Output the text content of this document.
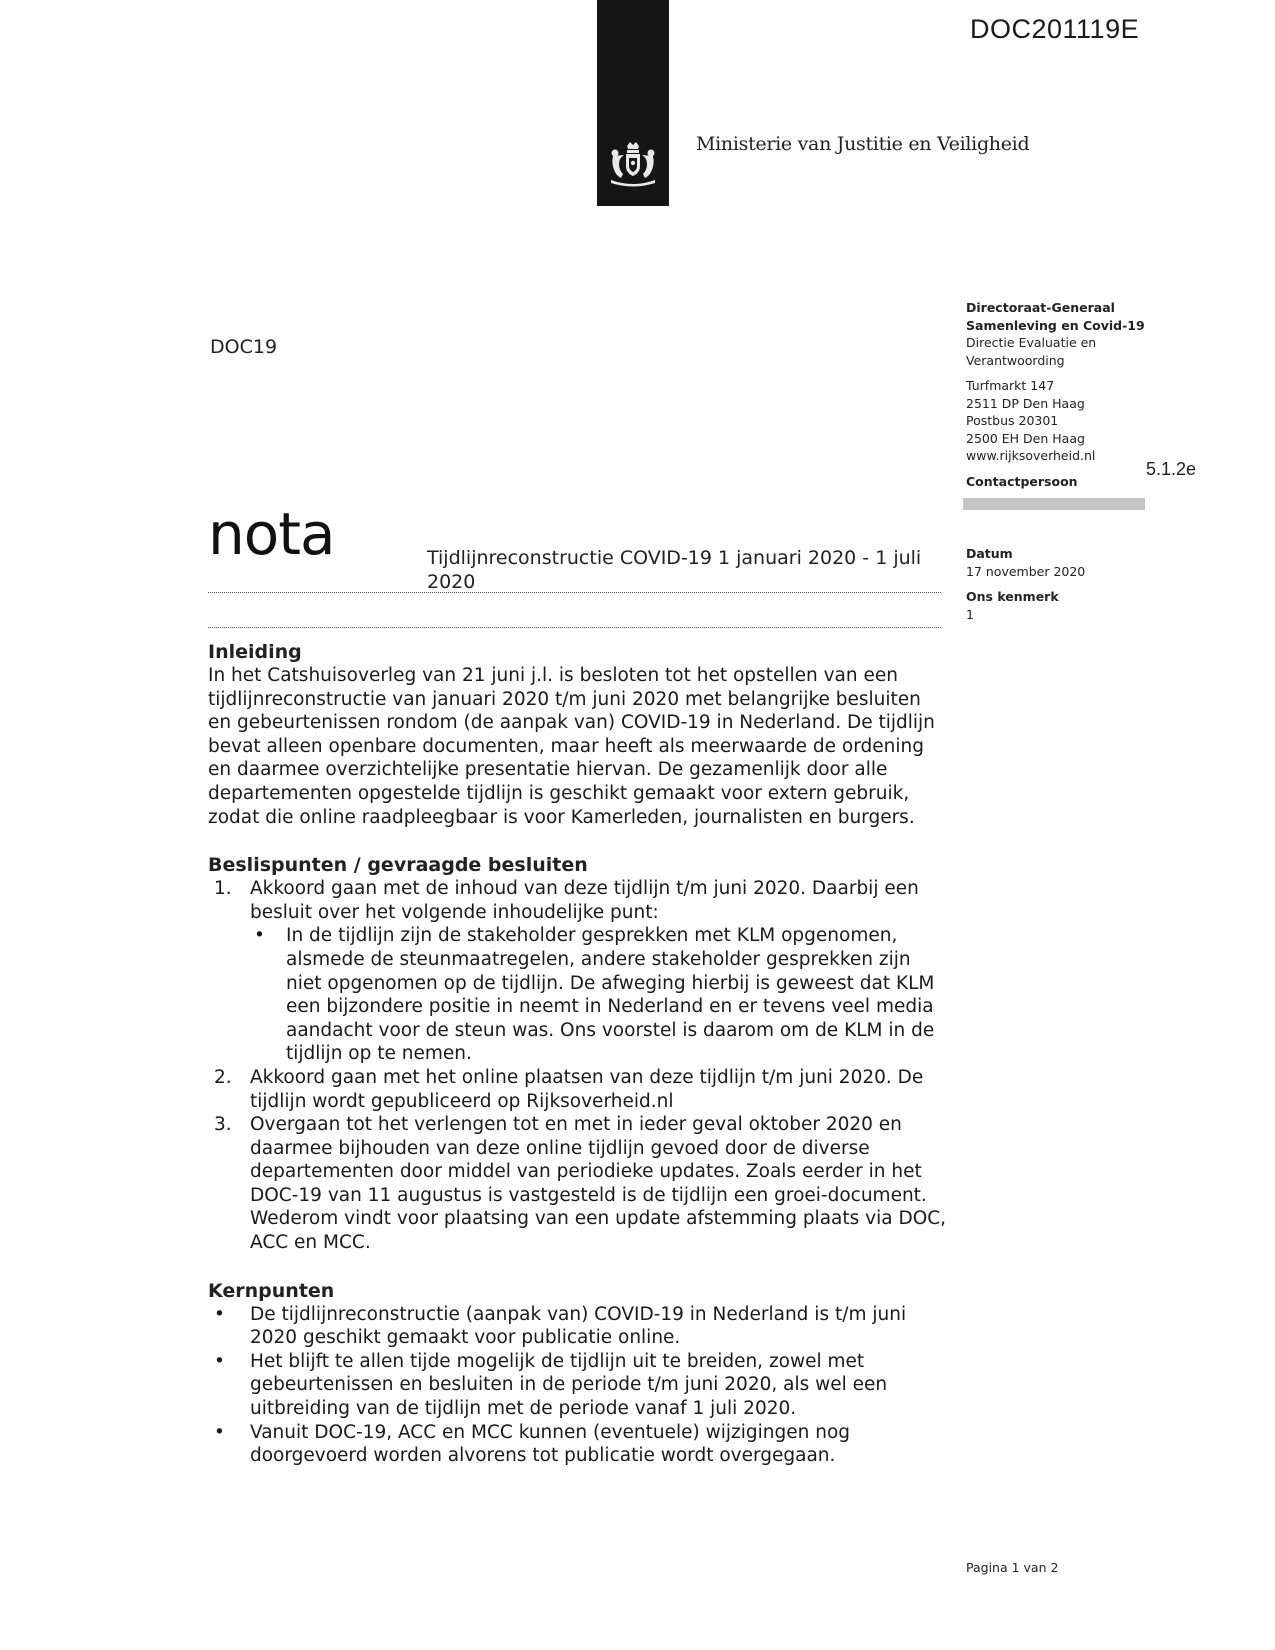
DOC201119E
Ministerie van Justitie en Veiligheid
DOC19
nota	Tijdlijnreconstructie COVID-19 1 januari 2020 - 1 juli 2020
Directoraat-Generaal
Samenleving en Covid-19
Directie Evaluatie en
Verantwoording
Turfmarkt 147
2511 DP Den Haag
Postbus 20301
2500 EH Den Haag
www.rijksoverheid.nl
Contactpersoon
5.1.2e
Datum
17 november 2020
Ons kenmerk
1
Inleiding

In het Catshuisoverleg van 21 juni j.l. is besloten tot het opstellen van een tijdlijnreconstructie van januari 2020 t/m juni 2020 met belangrijke besluiten en gebeurtenissen rondom (de aanpak van) COVID-19 in Nederland. De tijdlijn bevat alleen openbare documenten, maar heeft als meerwaarde de ordening en daarmee overzichtelijke presentatie hiervan. De gezamenlijk door alle departementen opgestelde tijdlijn is geschikt gemaakt voor extern gebruik, zodat die online raadpleegbaar is voor Kamerleden, journalisten en burgers.

Beslispunten / gevraagde besluiten
1. Akkoord gaan met de inhoud van deze tijdlijn t/m juni 2020. Daarbij een besluit over het volgende inhoudelijke punt:
•	In de tijdlijn zijn de stakeholder gesprekken met KLM opgenomen, alsmede de steunmaatregelen, andere stakeholder gesprekken zijn niet opgenomen op de tijdlijn. De afweging hierbij is geweest dat KLM een bijzondere positie in neemt in Nederland en er tevens veel media aandacht voor de steun was. Ons voorstel is daarom om de KLM in de tijdlijn op te nemen.
2. Akkoord gaan met het online plaatsen van deze tijdlijn t/m juni 2020. De tijdlijn wordt gepubliceerd op Rijksoverheid.nl
3. Overgaan tot het verlengen tot en met in ieder geval oktober 2020 en daarmee bijhouden van deze online tijdlijn gevoed door de diverse departementen door middel van periodieke updates. Zoals eerder in het DOC-19 van 11 augustus is vastgesteld is de tijdlijn een groei-document. Wederom vindt voor plaatsing van een update afstemming plaats via DOC, ACC en MCC.
Kernpunten
•	De tijdlijnreconstructie (aanpak van) COVID-19 in Nederland is t/m juni 2020 geschikt gemaakt voor publicatie online.
•	Het blijft te allen tijde mogelijk de tijdlijn uit te breiden, zowel met gebeurtenissen en besluiten in de periode t/m juni 2020, als wel een uitbreiding van de tijdlijn met de periode vanaf 1 juli 2020.
•	Vanuit DOC-19, ACC en MCC kunnen (eventuele) wijzigingen nog doorgevoerd worden alvorens tot publicatie wordt overgegaan.
Pagina 1 van 2
